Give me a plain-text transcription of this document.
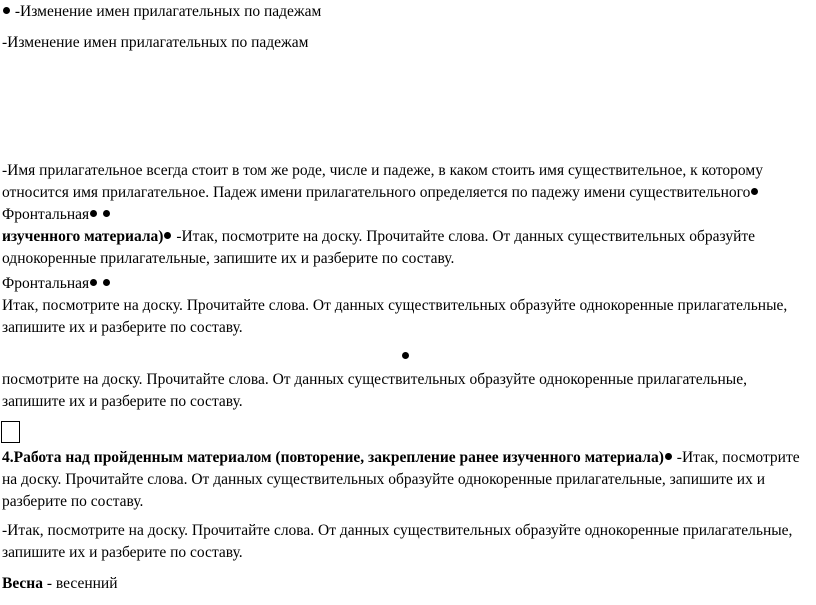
-Изменение имен прилагательных по падежам
-Изменение имен прилагательных по падежам
-Имя прилагательное всегда стоит в том же роде, числе и падеже, в каком стоить имя существительное, к которому относится имя прилагательное. Падеж имени прилагательного определяется по падежу имени существительного Фронтальная
изученного материала) -Итак, посмотрите на доску. Прочитайте слова. От данных существительных образуйте однокоренные прилагательные, запишите их и разберите по составу.
Фронтальная
Итак, посмотрите на доску. Прочитайте слова. От данных существительных образуйте однокоренные прилагательные, запишите их и разберите по составу.
посмотрите на доску. Прочитайте слова. От данных существительных образуйте однокоренные прилагательные, запишите их и разберите по составу.
4.Работа над пройденным материалом (повторение, закрепление ранее изученного материала) -Итак, посмотрите на доску. Прочитайте слова. От данных существительных образуйте однокоренные прилагательные, запишите их и разберите по составу.
-Итак, посмотрите на доску. Прочитайте слова. От данных существительных образуйте однокоренные прилагательные, запишите их и разберите по составу.
Весна - весенний
